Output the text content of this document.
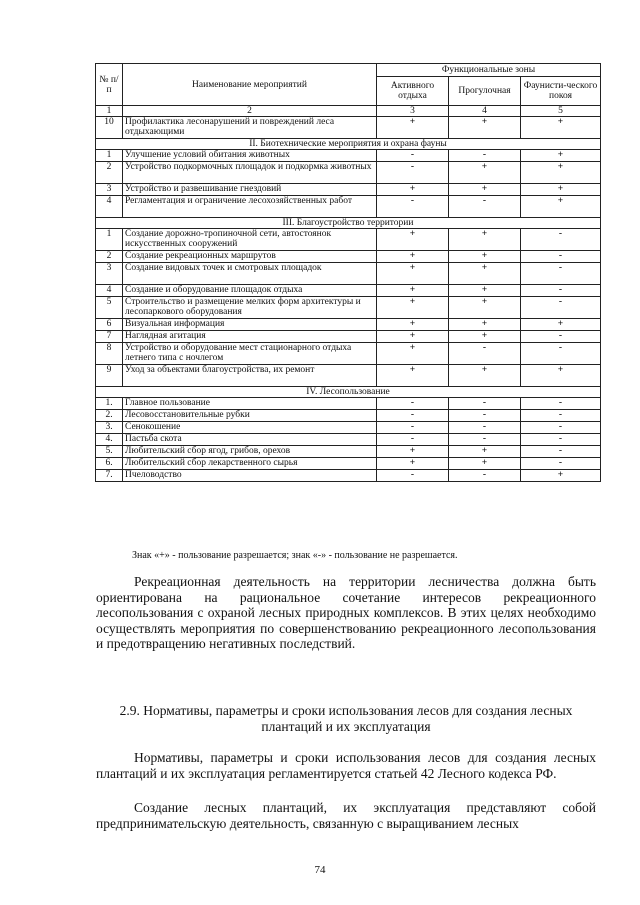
№ п/п	Наименование мероприятий	Функциональные зоны		
		Активного отдыха	Прогулочная	Фаунисти-ческого покоя
1	2	3	4	5
10	Профилактика лесонарушений и повреждений леса отдыхающими	+	+	+
II. Биотехнические мероприятия и охрана фауны				
1	Улучшение условий обитания животных	-	-	+
2	Устройство подкормочных площадок и подкормка животных	-	+	+
3	Устройство и развешивание гнездовий	+	+	+
4	Регламентация и ограничение лесохозяйственных работ	-	-	+
III. Благоустройство территории				
1	Создание дорожно-тропиночной сети, автостоянок искусственных сооружений	+	+	-
2	Создание рекреационных маршрутов	+	+	-
3	Создание видовых точек и смотровых площадок	+	+	-
4	Создание и оборудование площадок отдыха	+	+	-
5	Строительство и размещение мелких форм архитектуры и лесопаркового оборудования	+	+	-
6	Визуальная информация	+	+	+
7	Наглядная агитация	+	+	-
8	Устройство и оборудование мест стационарного отдыха летнего типа с ночлегом	+	-	-
9	Уход за объектами благоустройства, их ремонт	+	+	+
IV. Лесопользование				
1.	Главное пользование	-	-	-
2.	Лесовосстановительные рубки	-	-	-
3.	Сенокошение	-	-	-
4.	Пастьба скота	-	-	-
5.	Любительский сбор ягод, грибов, орехов	+	+	-
6.	Любительский сбор лекарственного сырья	+	+	-
7.	Пчеловодство	-	-	+
Знак «+» - пользование разрешается; знак «-» - пользование не разрешается.

Рекреационная деятельность на территории лесничества должна быть ориентирована на рациональное сочетание интересов рекреационного лесопользования с охраной лесных природных комплексов. В этих целях необходимо осуществлять мероприятия по совершенствованию рекреационного лесопользования и предотвращению негативных последствий.

2.9. Нормативы, параметры и сроки использования лесов для создания лесных плантаций и их эксплуатация

Нормативы, параметры и сроки использования лесов для создания лесных плантаций и их эксплуатация регламентируется статьей 42 Лесного кодекса РФ.

Создание лесных плантаций, их эксплуатация представляют собой предпринимательскую деятельность, связанную с выращиванием лесных

74
